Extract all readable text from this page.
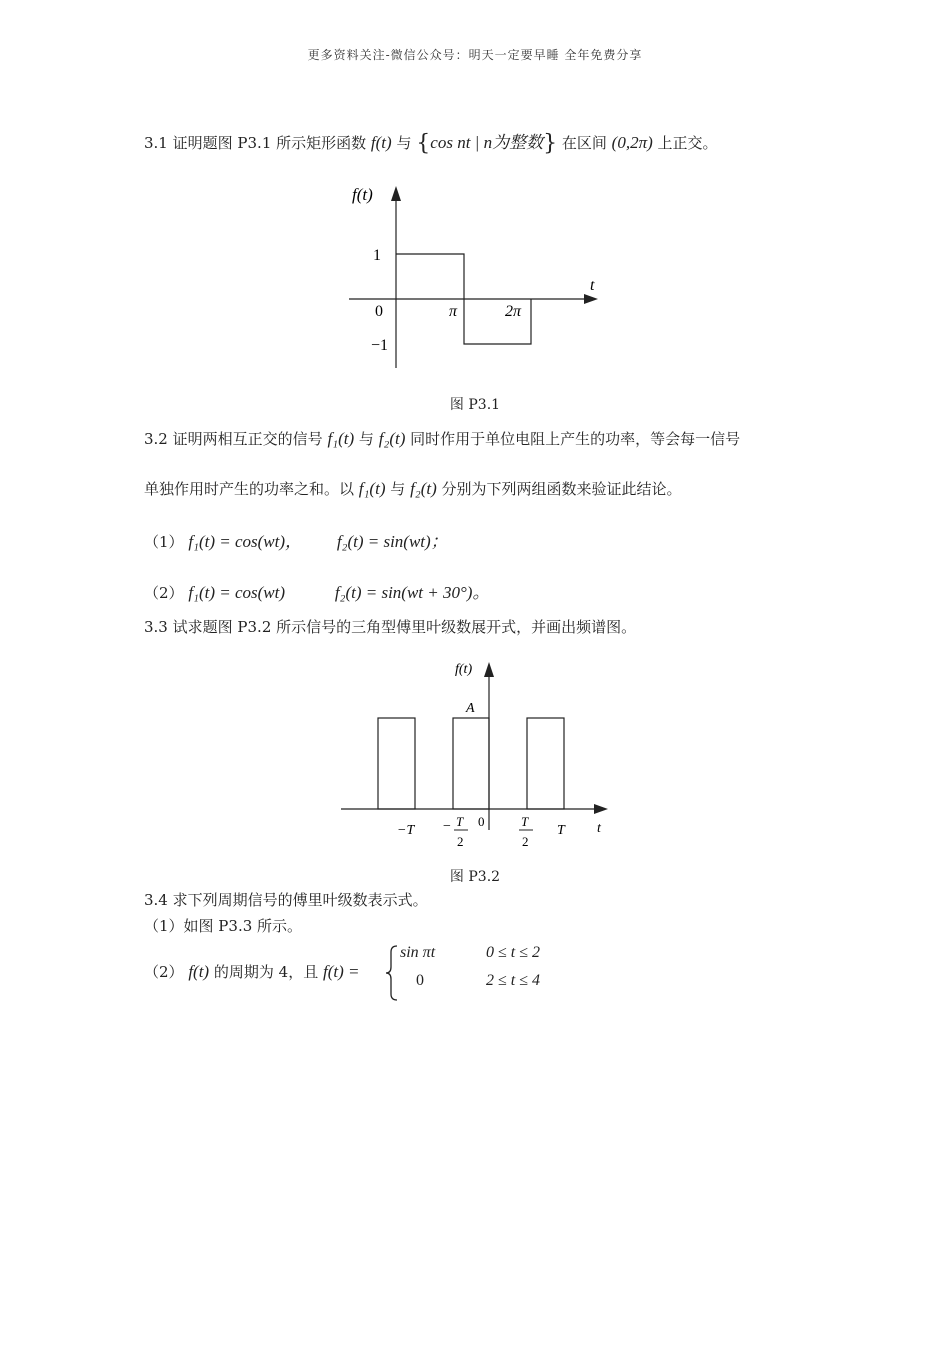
更多资料关注-微信公众号：明天一定要早睡 全年免费分享
3.1 证明题图 P3.1 所示矩形函数 f(t) 与 {cos nt | n为整数} 在区间 (0,2π) 上正交。
f(t)
t
1
0	π	2π
−1
图 P3.1
3.2 证明两相互正交的信号 f₁(t) 与 f₂(t) 同时作用于单位电阻上产生的功率，等会每一信号
单独作用时产生的功率之和。以 f₁(t) 与 f₂(t) 分别为下列两组函数来验证此结论。
（1） f₁(t) = cos(wt)， f₂(t) = sin(wt)；
（2） f₁(t) = cos(wt)	f₂(t) = sin(wt + 30°)。
3.3 试求题图 P3.2 所示信号的三角型傅里叶级数展开式，并画出频谱图。
f(t)
A
t
−T − T
2
0	T
2
T
图 P3.2
3.4 求下列周期信号的傅里叶级数表示式。
（1）如图 P3.3 所示。
（2） f(t) 的周期为 4，且 f(t) =
sin πt	0 ≤ t ≤ 2
0	2 ≤ t ≤ 4
